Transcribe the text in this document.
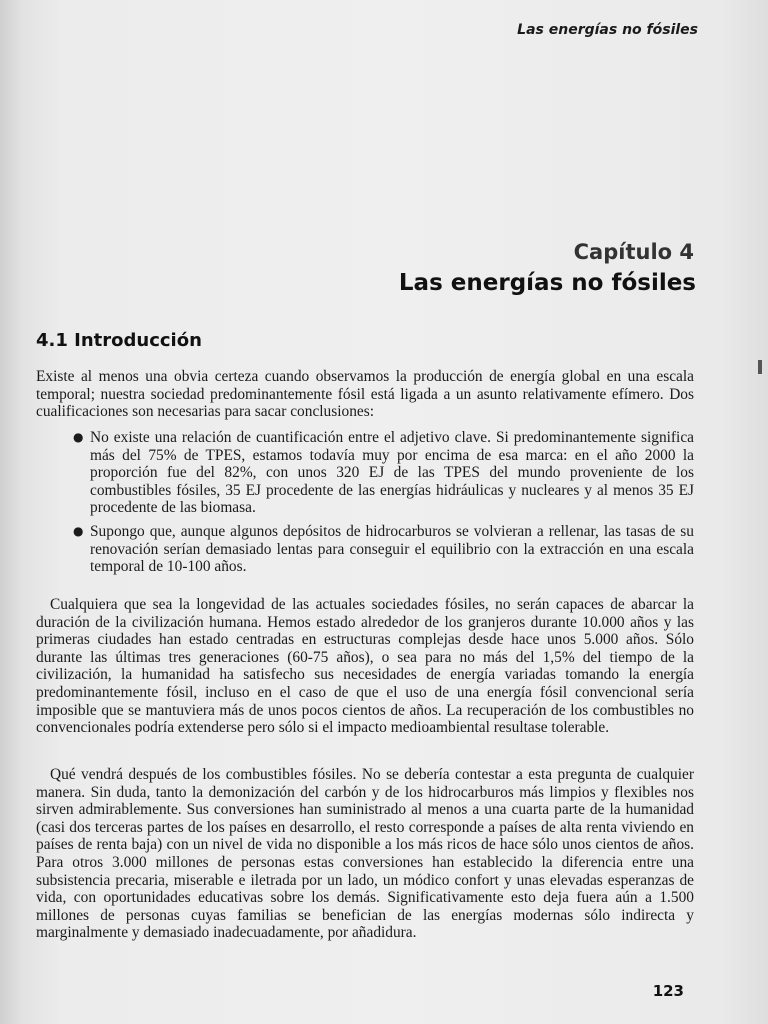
Las energías no fósiles
Capítulo 4
Las energías no fósiles
4.1 Introducción
Existe al menos una obvia certeza cuando observamos la producción de energía global en una escala temporal; nuestra sociedad predominantemente fósil está ligada a un asunto relativamente efímero. Dos cualificaciones son necesarias para sacar conclusiones:
● No existe una relación de cuantificación entre el adjetivo clave. Si predominantemente significa más del 75% de TPES, estamos todavía muy por encima de esa marca: en el año 2000 la proporción fue del 82%, con unos 320 EJ de las TPES del mundo proveniente de los combustibles fósiles, 35 EJ procedente de las energías hidráulicas y nucleares y al menos 35 EJ procedente de las biomasa.
● Supongo que, aunque algunos depósitos de hidrocarburos se volvieran a rellenar, las tasas de su renovación serían demasiado lentas para conseguir el equilibrio con la extracción en una escala temporal de 10-100 años.
Cualquiera que sea la longevidad de las actuales sociedades fósiles, no serán capaces de abarcar la duración de la civilización humana. Hemos estado alrededor de los granjeros durante 10.000 años y las primeras ciudades han estado centradas en estructuras complejas desde hace unos 5.000 años. Sólo durante las últimas tres generaciones (60-75 años), o sea para no más del 1,5% del tiempo de la civilización, la humanidad ha satisfecho sus necesidades de energía variadas tomando la energía predominantemente fósil, incluso en el caso de que el uso de una energía fósil convencional sería imposible que se mantuviera más de unos pocos cientos de años. La recuperación de los combustibles no convencionales podría extenderse pero sólo si el impacto medioambiental resultase tolerable.
Qué vendrá después de los combustibles fósiles. No se debería contestar a esta pregunta de cualquier manera. Sin duda, tanto la demonización del carbón y de los hidrocarburos más limpios y flexibles nos sirven admirablemente. Sus conversiones han suministrado al menos a una cuarta parte de la humanidad (casi dos terceras partes de los países en desarrollo, el resto corresponde a países de alta renta viviendo en países de renta baja) con un nivel de vida no disponible a los más ricos de hace sólo unos cientos de años. Para otros 3.000 millones de personas estas conversiones han establecido la diferencia entre una subsistencia precaria, miserable e iletrada por un lado, un módico confort y unas elevadas esperanzas de vida, con oportunidades educativas sobre los demás. Significativamente esto deja fuera aún a 1.500 millones de personas cuyas familias se benefician de las energías modernas sólo indirecta y marginalmente y demasiado inadecuadamente, por añadidura.
123
